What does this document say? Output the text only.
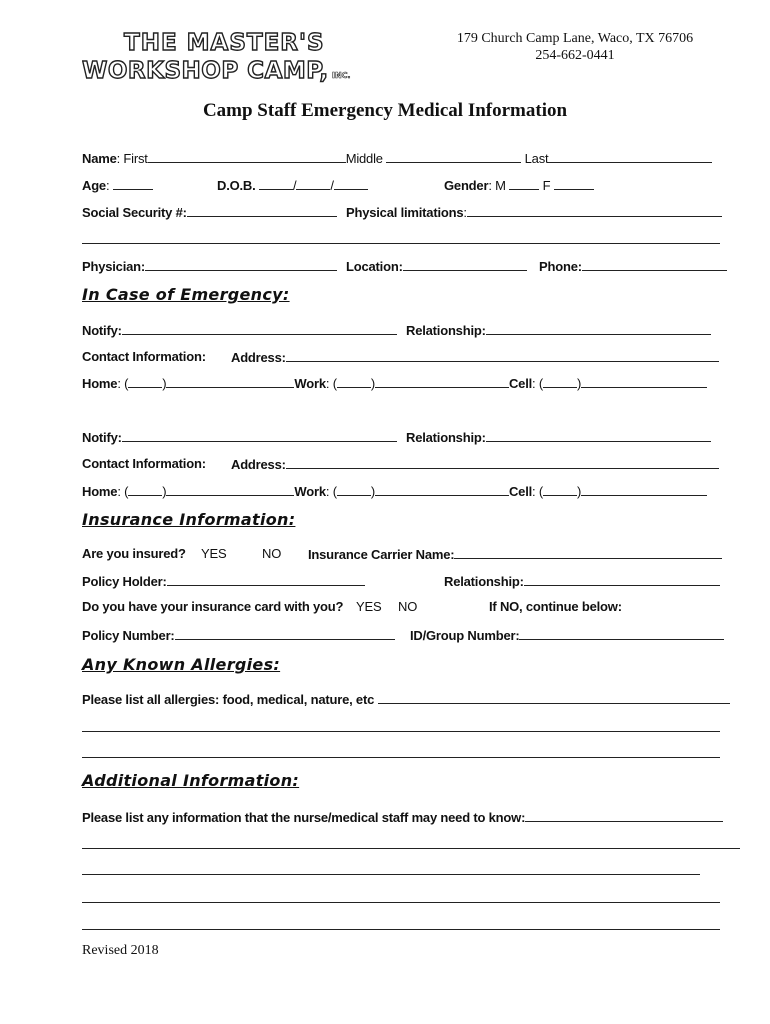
THE MASTER'S
WORKSHOP CAMP, INC.
179 Church Camp Lane, Waco, TX 76706
254-662-0441
Camp Staff Emergency Medical Information
Name: First	Middle	Last
Age:	D.O.B.	/	/	Gender: M	F
Social Security #:	Physical limitations:
Physician:	Location:	Phone:
In Case of Emergency:
Notify:	Relationship:
Contact Information: Address:
Home: (	)	Work: (	)	Cell: (	)
Notify:	Relationship:
Contact Information: Address:
Home: (	)	Work: (	)	Cell: (	)
Insurance Information:
Are you insured? YES	NO Insurance Carrier Name:
Policy Holder:	Relationship:
Do you have your insurance card with you? YES NO	If NO, continue below:
Policy Number:	ID/Group Number:
Any Known Allergies:
Please list all allergies: food, medical, nature, etc
Additional Information:
Please list any information that the nurse/medical staff may need to know:
Revised 2018
